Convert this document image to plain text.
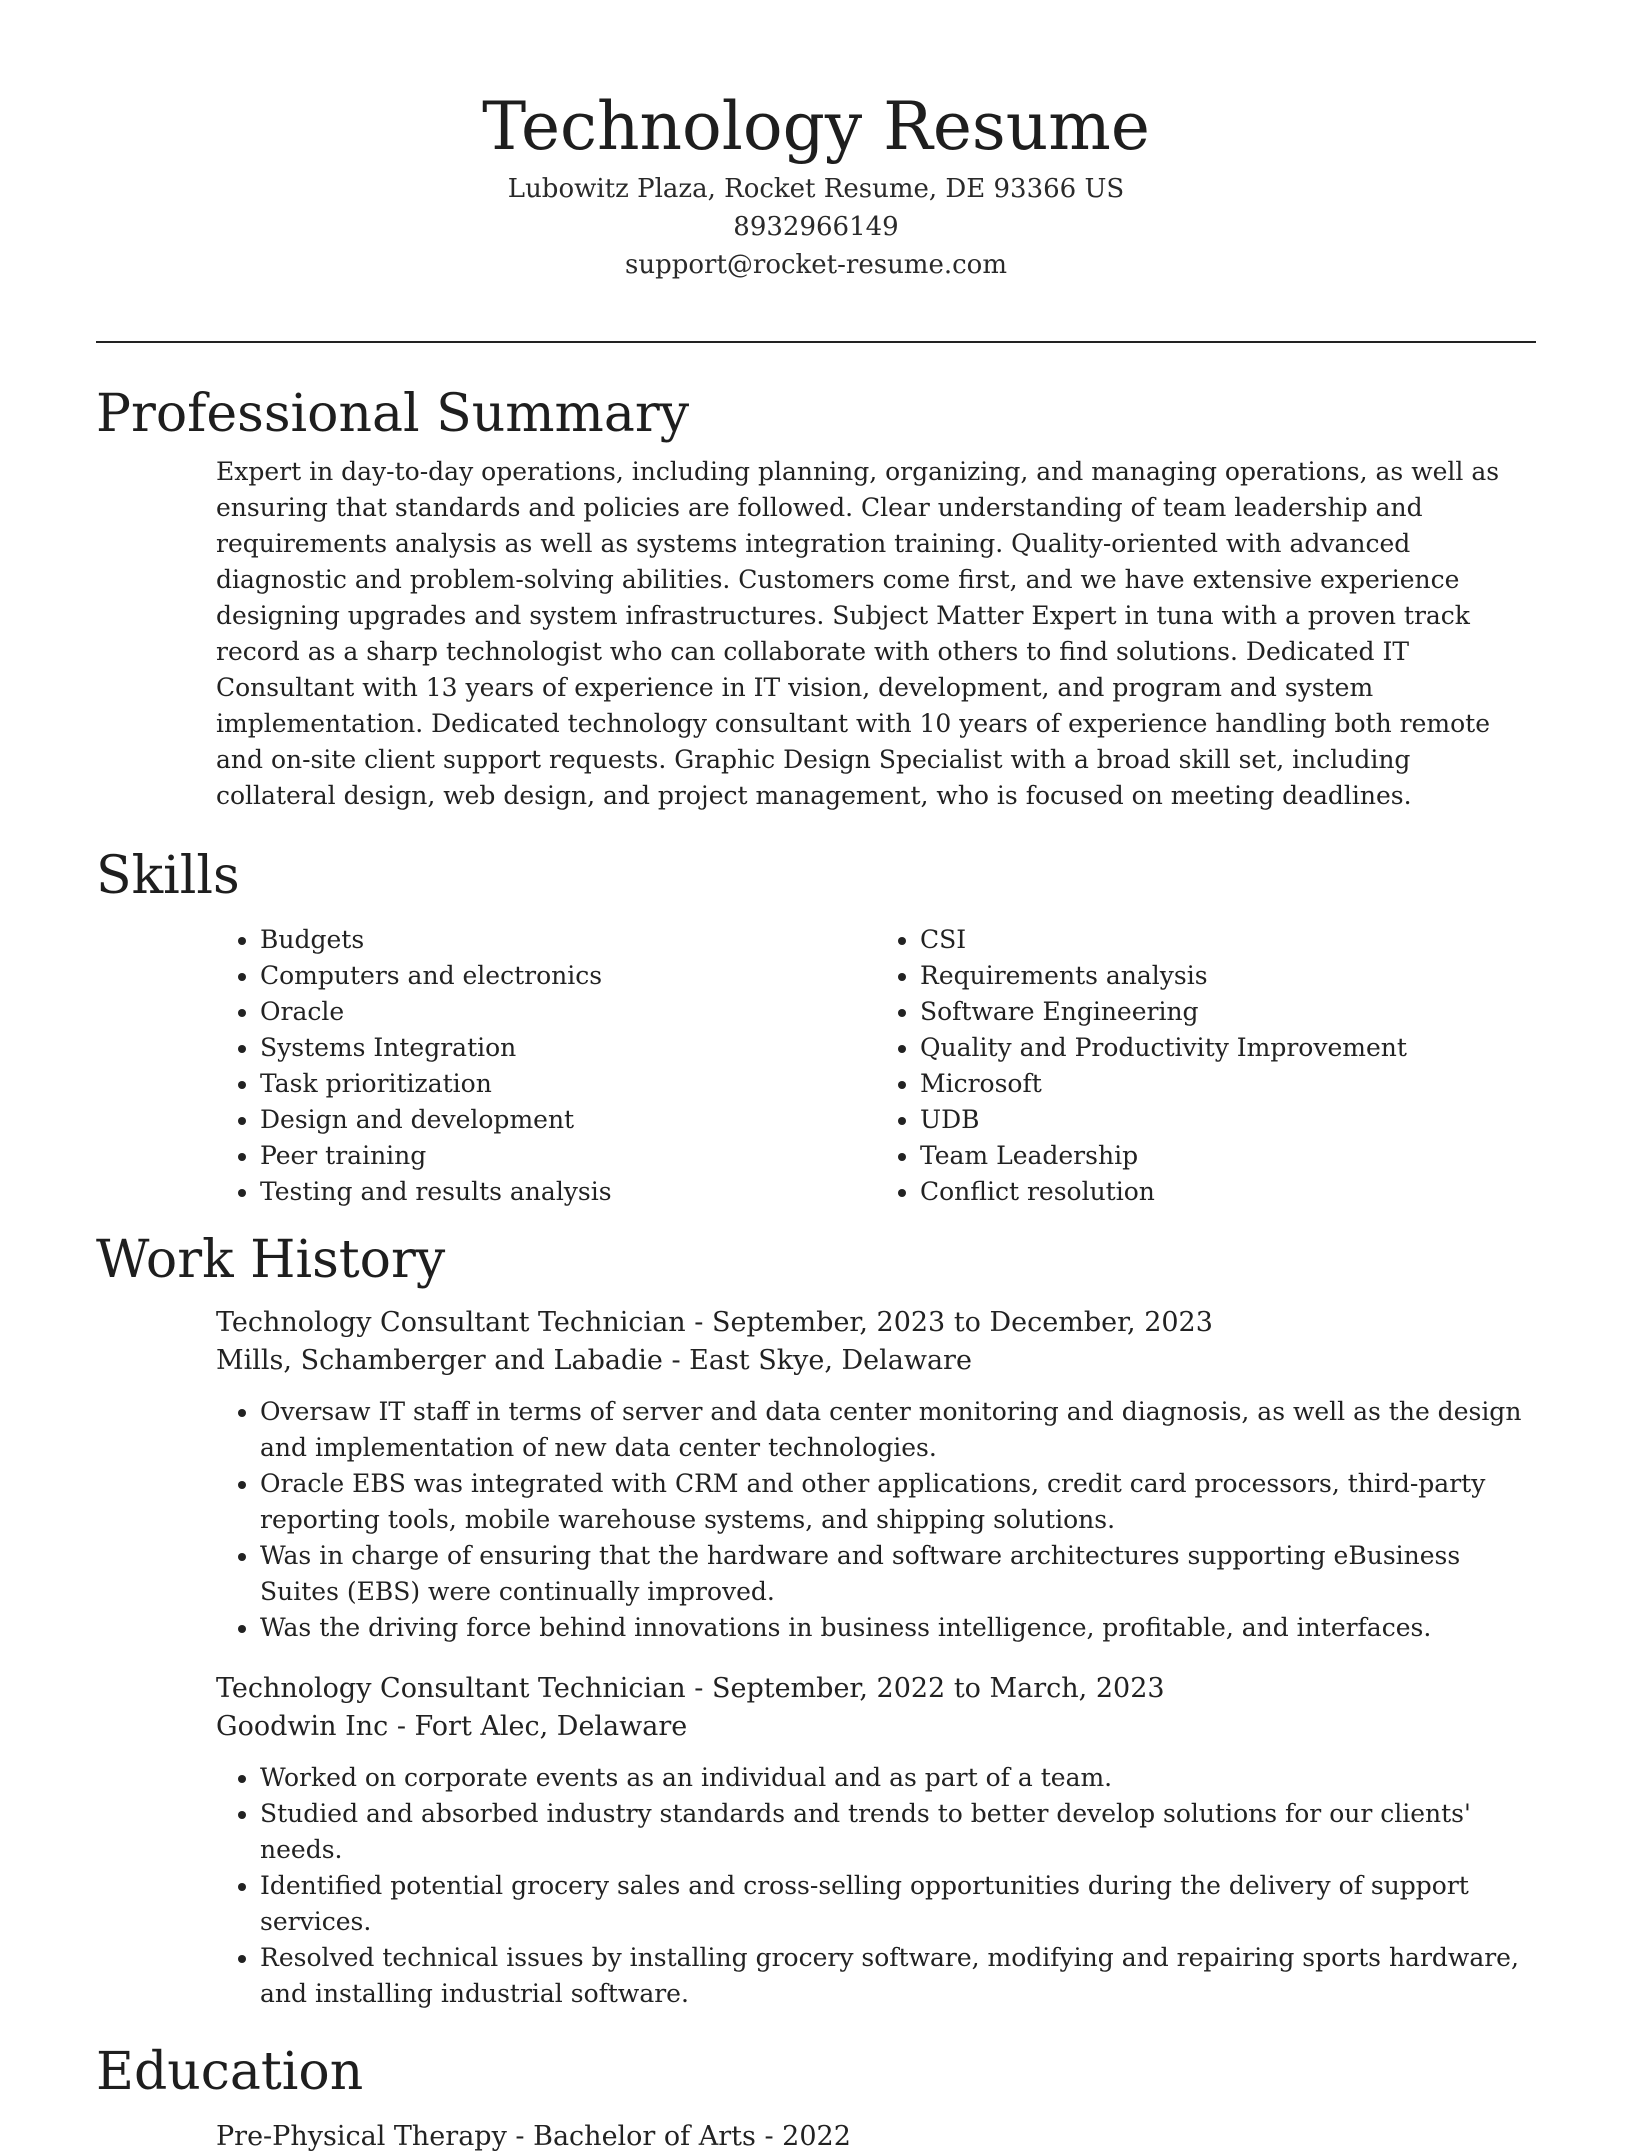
Technology Resume
Lubowitz Plaza, Rocket Resume, DE 93366 US
8932966149
support@rocket-resume.com
Professional Summary

Expert in day-to-day operations, including planning, organizing, and managing operations, as well as ensuring that standards and policies are followed. Clear understanding of team leadership and requirements analysis as well as systems integration training. Quality-oriented with advanced diagnostic and problem-solving abilities. Customers come first, and we have extensive experience designing upgrades and system infrastructures. Subject Matter Expert in tuna with a proven track record as a sharp technologist who can collaborate with others to find solutions. Dedicated IT Consultant with 13 years of experience in IT vision, development, and program and system implementation. Dedicated technology consultant with 10 years of experience handling both remote and on-site client support requests. Graphic Design Specialist with a broad skill set, including collateral design, web design, and project management, who is focused on meeting deadlines.

Skills
• Budgets
• Computers and electronics
• Oracle
• Systems Integration
• Task prioritization
• Design and development
• Peer training
• Testing and results analysis
• CSI
• Requirements analysis
• Software Engineering
• Quality and Productivity Improvement
• Microsoft
• UDB
• Team Leadership
• Conflict resolution
Work History
Technology Consultant Technician - September, 2023 to December, 2023
Mills, Schamberger and Labadie - East Skye, Delaware
• Oversaw IT staff in terms of server and data center monitoring and diagnosis, as well as the design and implementation of new data center technologies.
• Oracle EBS was integrated with CRM and other applications, credit card processors, third-party reporting tools, mobile warehouse systems, and shipping solutions.
• Was in charge of ensuring that the hardware and software architectures supporting eBusiness Suites (EBS) were continually improved.
• Was the driving force behind innovations in business intelligence, profitable, and interfaces.
Technology Consultant Technician - September, 2022 to March, 2023
Goodwin Inc - Fort Alec, Delaware
• Worked on corporate events as an individual and as part of a team.
• Studied and absorbed industry standards and trends to better develop solutions for our clients' needs.
• Identified potential grocery sales and cross-selling opportunities during the delivery of support services.
• Resolved technical issues by installing grocery software, modifying and repairing sports hardware, and installing industrial software.
Education
Pre-Physical Therapy - Bachelor of Arts - 2022
